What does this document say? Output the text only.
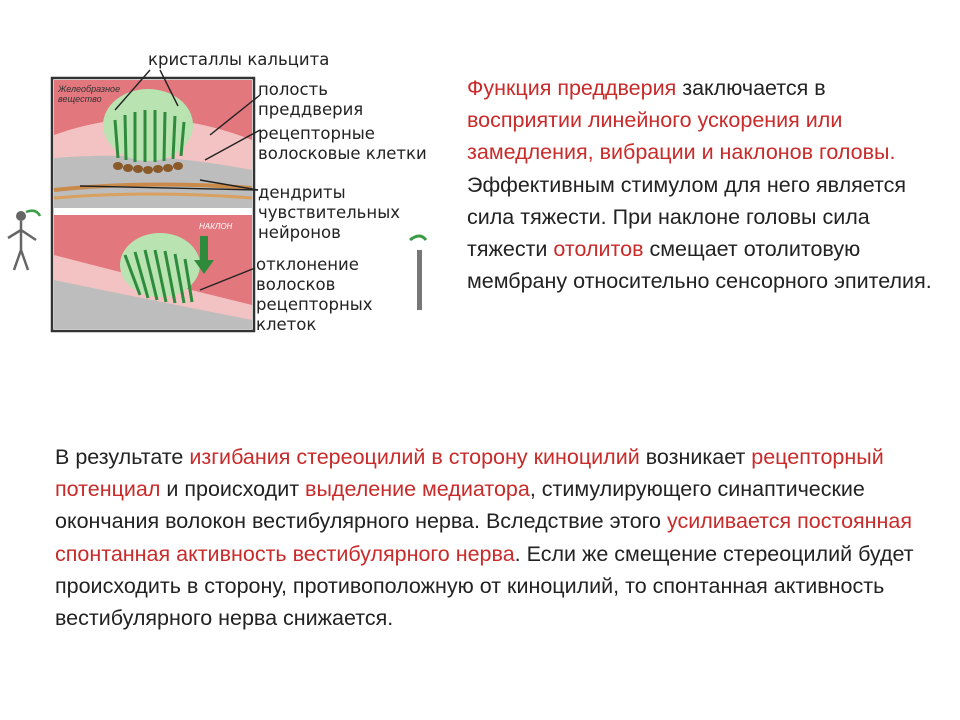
Желеобразное
вещество
НАКЛОН
кристаллы кальцита
полость
преддверия
рецепторные
волосковые клетки
дендриты
чувствительных
нейронов
отклонение
волосков
рецепторных
клеток
Функция преддверия заключается в восприятии линейного ускорения или замедления, вибрации и наклонов головы. Эффективным стимулом для него является сила тяжести. При наклоне головы сила тяжести отолитов смещает отолитовую мембрану относительно сенсорного эпителия.
В результате изгибания стереоцилий в сторону киноцилий возникает рецепторный потенциал и происходит выделение медиатора, стимулирующего синаптические окончания волокон вестибулярного нерва. Вследствие этого усиливается постоянная спонтанная активность вестибулярного нерва. Если же смещение стереоцилий будет происходить в сторону, противоположную от киноцилий, то спонтанная активность вестибулярного нерва снижается.
